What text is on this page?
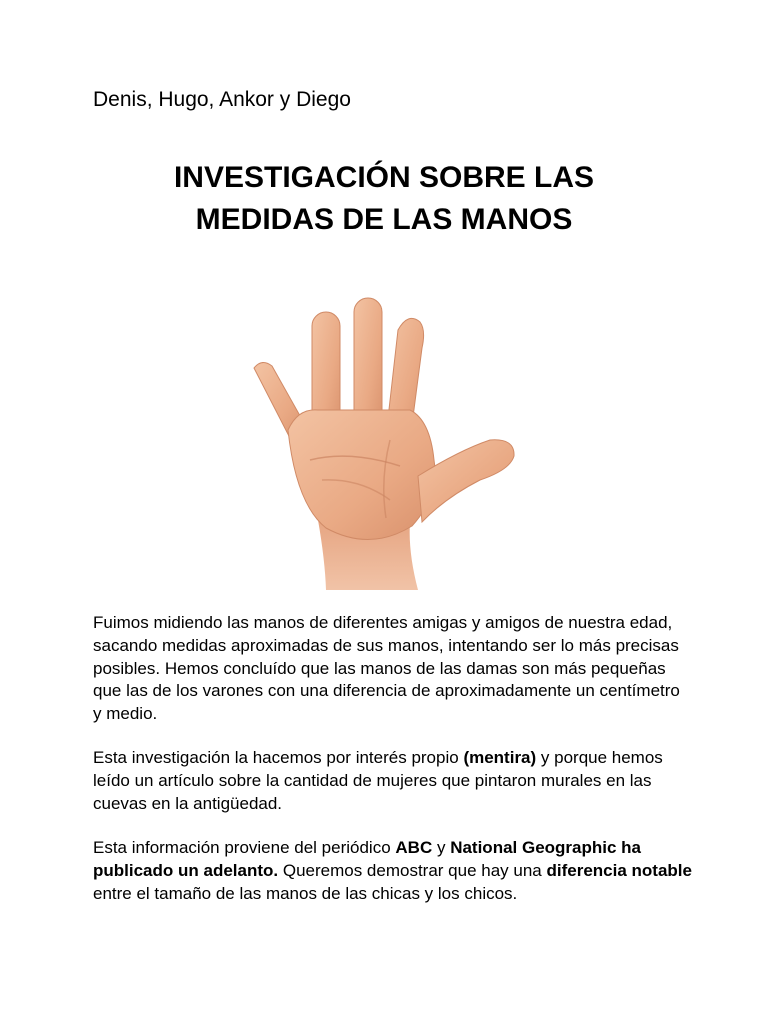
Denis, Hugo, Ankor y Diego
INVESTIGACIÓN SOBRE LAS
MEDIDAS DE LAS MANOS
Fuimos midiendo las manos de diferentes amigas y amigos de nuestra edad, sacando medidas aproximadas de sus manos, intentando ser lo más precisas posibles. Hemos concluído que las manos de las damas son más pequeñas que las de los varones con una diferencia de aproximadamente un centímetro y medio.
Esta investigación la hacemos por interés propio (mentira) y porque hemos leído un artículo sobre la cantidad de mujeres que pintaron murales en las cuevas en la antigüedad.
Esta información proviene del periódico ABC y National Geographic ha publicado un adelanto. Queremos demostrar que hay una diferencia notable entre el tamaño de las manos de las chicas y los chicos.
